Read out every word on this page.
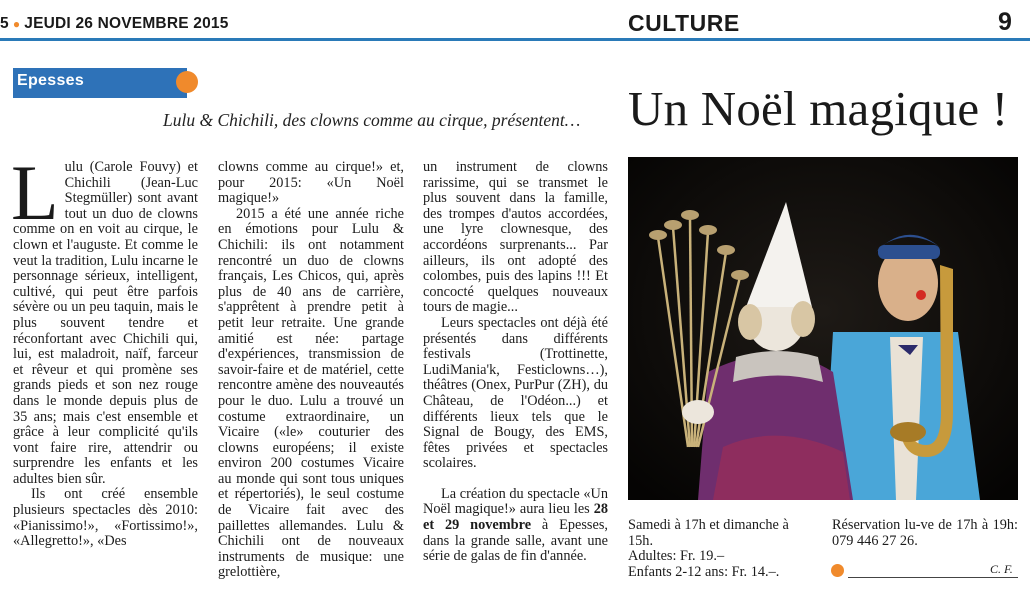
5 ● JEUDI 26 NOVEMBRE 2015	CULTURE	9
Epesses
Lulu & Chichili, des clowns comme au cirque, présentent… Un Noël magique !
L ulu (Carole Fouvy) et Chichili (Jean-Luc Stegmüller) sont avant tout un duo de clowns comme on en voit au cirque, le clown et l'auguste. Et comme le veut la tradition, Lulu incarne le personnage sérieux, intelligent, cultivé, qui peut être parfois sévère ou un peu taquin, mais le plus souvent tendre et réconfortant avec Chichili qui, lui, est maladroit, naïf, farceur et rêveur et qui promène ses grands pieds et son nez rouge dans le monde depuis plus de 35 ans; mais c'est ensemble et grâce à leur complicité qu'ils vont faire rire, attendrir ou surprendre les enfants et les adultes bien sûr.

Ils ont créé ensemble plusieurs spectacles dès 2010: «Pianissimo!», «Fortissimo!», «Allegretto!», «Des

clowns comme au cirque!» et, pour 2015: «Un Noël magique!»

2015 a été une année riche en émotions pour Lulu & Chichili: ils ont notamment rencontré un duo de clowns français, Les Chicos, qui, après plus de 40 ans de carrière, s'apprêtent à prendre petit à petit leur retraite. Une grande amitié est née: partage d'expériences, transmission de savoir-faire et de matériel, cette rencontre amène des nouveautés pour le duo. Lulu a trouvé un costume extraordinaire, un Vicaire («le» couturier des clowns européens; il existe environ 200 costumes Vicaire au monde qui sont tous uniques et répertoriés), le seul costume de Vicaire fait avec des paillettes allemandes. Lulu & Chichili ont de nouveaux instruments de musique: une grelottière,

un instrument de clowns rarissime, qui se transmet le plus souvent dans la famille, des trompes d'autos accordées, une lyre clownesque, des accordéons surprenants... Par ailleurs, ils ont adopté des colombes, puis des lapins !!! Et concocté quelques nouveaux tours de magie...

Leurs spectacles ont déjà été présentés dans différents festivals (Trottinette, LudiMania'k, Festiclowns…), théâtres (Onex, PurPur (ZH), du Château, de l'Odéon...) et différents lieux tels que le Signal de Bougy, des EMS, fêtes privées et spectacles scolaires.

La création du spectacle «Un Noël magique!» aura lieu les 28 et 29 novembre à Epesses, dans la grande salle, avant une série de galas de fin d'année.

Samedi à 17h et dimanche à 15h.
Adultes: Fr. 19.–
Enfants 2-12 ans: Fr. 14.–.
Réservation lu-ve de 17h à 19h: 079 446 27 26.
C. F.
